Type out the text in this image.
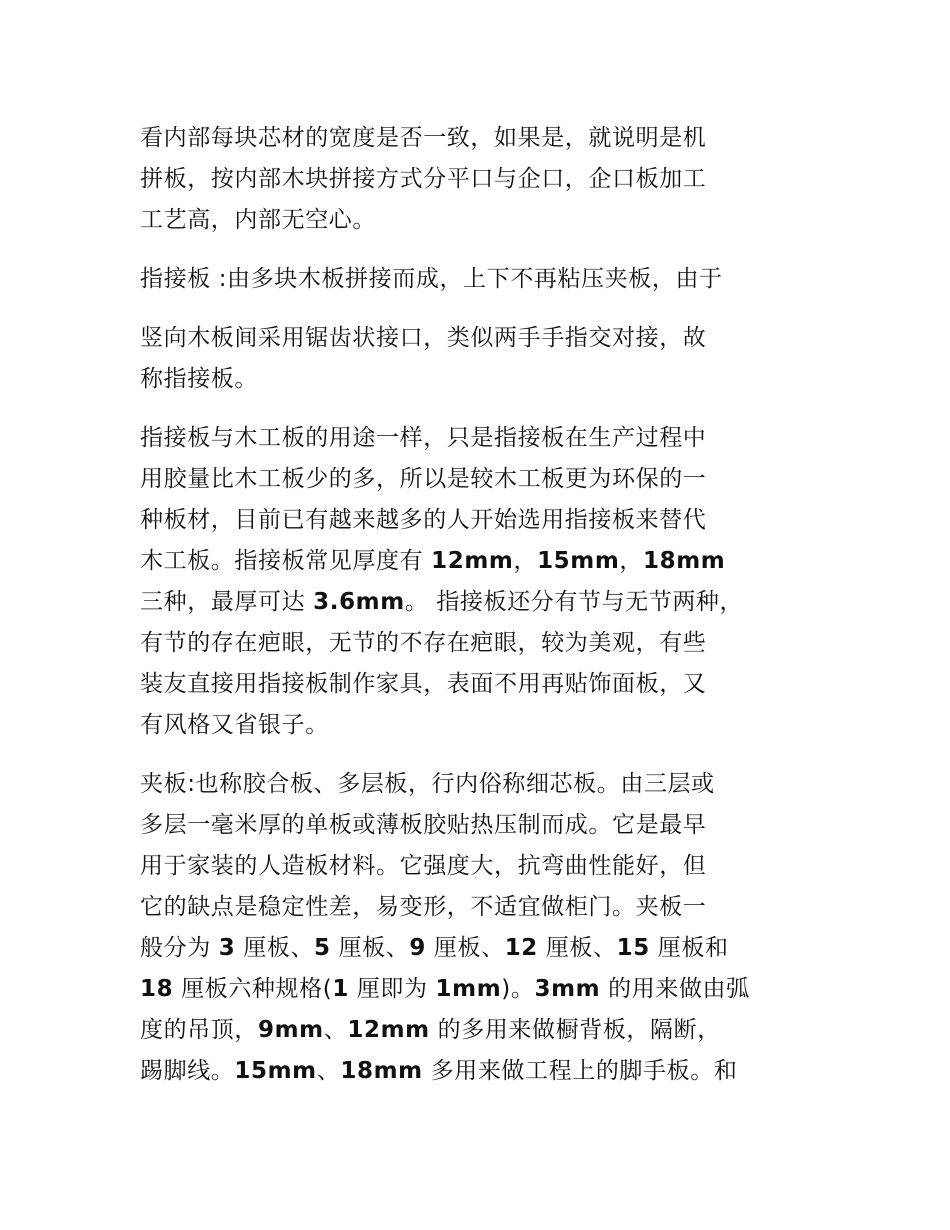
看内部每块芯材的宽度是否一致，如果是，就说明是机
拼板，按内部木块拼接方式分平口与企口，企口板加工
工艺高，内部无空心。
指接板 :由多块木板拼接而成，上下不再粘压夹板，由于
竖向木板间采用锯齿状接口，类似两手手指交对接，故
称指接板。
指接板与木工板的用途一样，只是指接板在生产过程中
用胶量比木工板少的多，所以是较木工板更为环保的一
种板材，目前已有越来越多的人开始选用指接板来替代
木工板。指接板常见厚度有 12mm，15mm，18mm
三种，最厚可达 3.6mm。 指接板还分有节与无节两种，
有节的存在疤眼，无节的不存在疤眼，较为美观，有些
装友直接用指接板制作家具，表面不用再贴饰面板，又
有风格又省银子。
夹板:也称胶合板、多层板，行内俗称细芯板。由三层或
多层一毫米厚的单板或薄板胶贴热压制而成。它是最早
用于家装的人造板材料。它强度大，抗弯曲性能好，但
它的缺点是稳定性差，易变形，不适宜做柜门。夹板一
般分为 3 厘板、5 厘板、9 厘板、12 厘板、15 厘板和
18 厘板六种规格(1 厘即为 1mm)。3mm 的用来做由弧
度的吊顶，9mm、12mm 的多用来做橱背板，隔断，
踢脚线。15mm、18mm 多用来做工程上的脚手板。和
